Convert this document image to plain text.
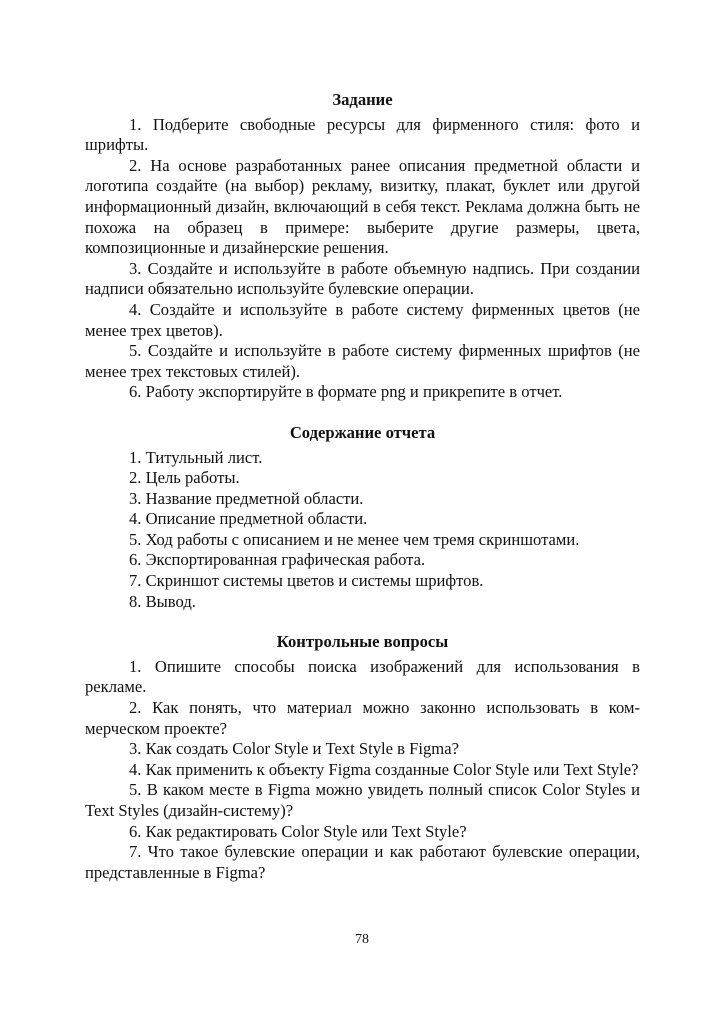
Задание

1. Подберите свободные ресурсы для фирменного стиля: фото и шрифты.

2. На основе разработанных ранее описания предметной области и логотипа создайте (на выбор) рекламу, визитку, плакат, буклет или другой информационный дизайн, включающий в себя текст. Реклама должна быть не похожа на образец в примере: выберите другие размеры, цвета, композиционные и дизайнерские решения.

3. Создайте и используйте в работе объемную надпись. При создании надписи обязательно используйте булевские операции.

4. Создайте и используйте в работе систему фирменных цветов (не менее трех цветов).

5. Создайте и используйте в работе систему фирменных шрифтов (не менее трех текстовых стилей).

6. Работу экспортируйте в формате png и прикрепите в отчет.

Содержание отчета

1. Титульный лист.

2. Цель работы.

3. Название предметной области.

4. Описание предметной области.

5. Ход работы с описанием и не менее чем тремя скриншотами.

6. Экспортированная графическая работа.

7. Скриншот системы цветов и системы шрифтов.

8. Вывод.

Контрольные вопросы

1. Опишите способы поиска изображений для использования в рекламе.

2. Как понять, что материал можно законно использовать в коммерческом проекте?

3. Как создать Color Style и Text Style в Figma?

4. Как применить к объекту Figma созданные Color Style или Text Style?

5. В каком месте в Figma можно увидеть полный список Color Styles и Text Styles (дизайн-систему)?

6. Как редактировать Color Style или Text Style?

7. Что такое булевские операции и как работают булевские операции, представленные в Figma?

78
